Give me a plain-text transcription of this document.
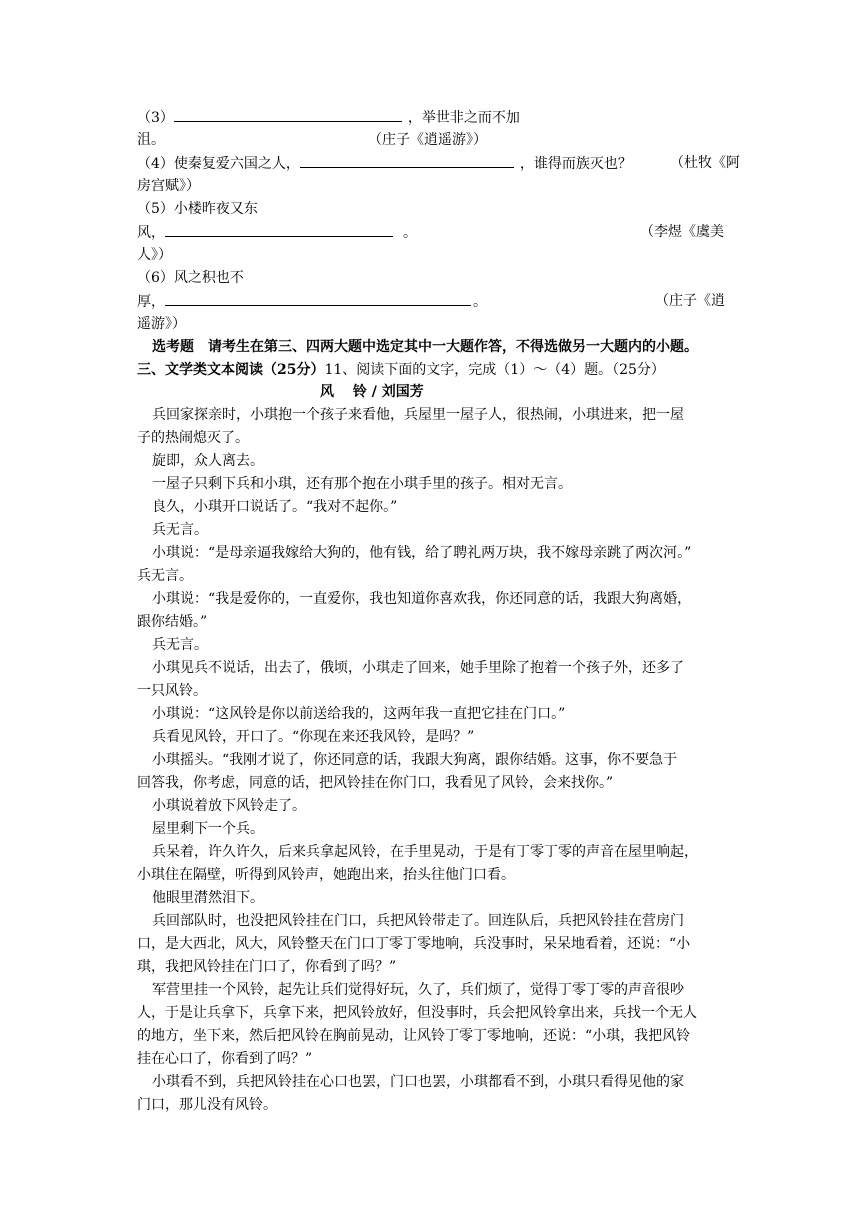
（3）	，举世非之而不加
沮。	（庄子《逍遥游》）
（4）使秦复爱六国之人，	，谁得而族灭也？	（杜牧《阿
房宫赋》）
（5）小楼昨夜又东
风，	。	（李煜《虞美
人》）
（6）风之积也不
厚，	。	（庄子《逍
遥游》）
选考题　请考生在第三、四两大题中选定其中一大题作答，不得选做另一大题内的小题。
三、文学类文本阅读（25分）11、阅读下面的文字，完成（1）～（4）题。（25分）
风　 铃 / 刘国芳
兵回家探亲时，小琪抱一个孩子来看他，兵屋里一屋子人，很热闹，小琪进来，把一屋
子的热闹熄灭了。
旋即，众人离去。
一屋子只剩下兵和小琪，还有那个抱在小琪手里的孩子。相对无言。
良久，小琪开口说话了。“我对不起你。”
兵无言。
小琪说：“是母亲逼我嫁给大狗的，他有钱，给了聘礼两万块，我不嫁母亲跳了两次河。”
兵无言。
小琪说：“我是爱你的，一直爱你，我也知道你喜欢我，你还同意的话，我跟大狗离婚，
跟你结婚。”
兵无言。
小琪见兵不说话，出去了，俄顷，小琪走了回来，她手里除了抱着一个孩子外，还多了
一只风铃。
小琪说：“这风铃是你以前送给我的，这两年我一直把它挂在门口。”
兵看见风铃，开口了。“你现在来还我风铃，是吗？”
小琪摇头。“我刚才说了，你还同意的话，我跟大狗离，跟你结婚。这事，你不要急于
回答我，你考虑，同意的话，把风铃挂在你门口，我看见了风铃，会来找你。”
小琪说着放下风铃走了。
屋里剩下一个兵。
兵呆着，许久许久，后来兵拿起风铃，在手里晃动，于是有丁零丁零的声音在屋里响起，
小琪住在隔壁，听得到风铃声，她跑出来，抬头往他门口看。
他眼里潸然泪下。
兵回部队时，也没把风铃挂在门口，兵把风铃带走了。回连队后，兵把风铃挂在营房门
口，是大西北，风大，风铃整天在门口丁零丁零地响，兵没事时，呆呆地看着，还说：“小
琪，我把风铃挂在门口了，你看到了吗？”
军营里挂一个风铃，起先让兵们觉得好玩，久了，兵们烦了，觉得丁零丁零的声音很吵
人，于是让兵拿下，兵拿下来，把风铃放好，但没事时，兵会把风铃拿出来，兵找一个无人
的地方，坐下来，然后把风铃在胸前晃动，让风铃丁零丁零地响，还说：“小琪，我把风铃
挂在心口了，你看到了吗？”
小琪看不到，兵把风铃挂在心口也罢，门口也罢，小琪都看不到，小琪只看得见他的家
门口，那儿没有风铃。
